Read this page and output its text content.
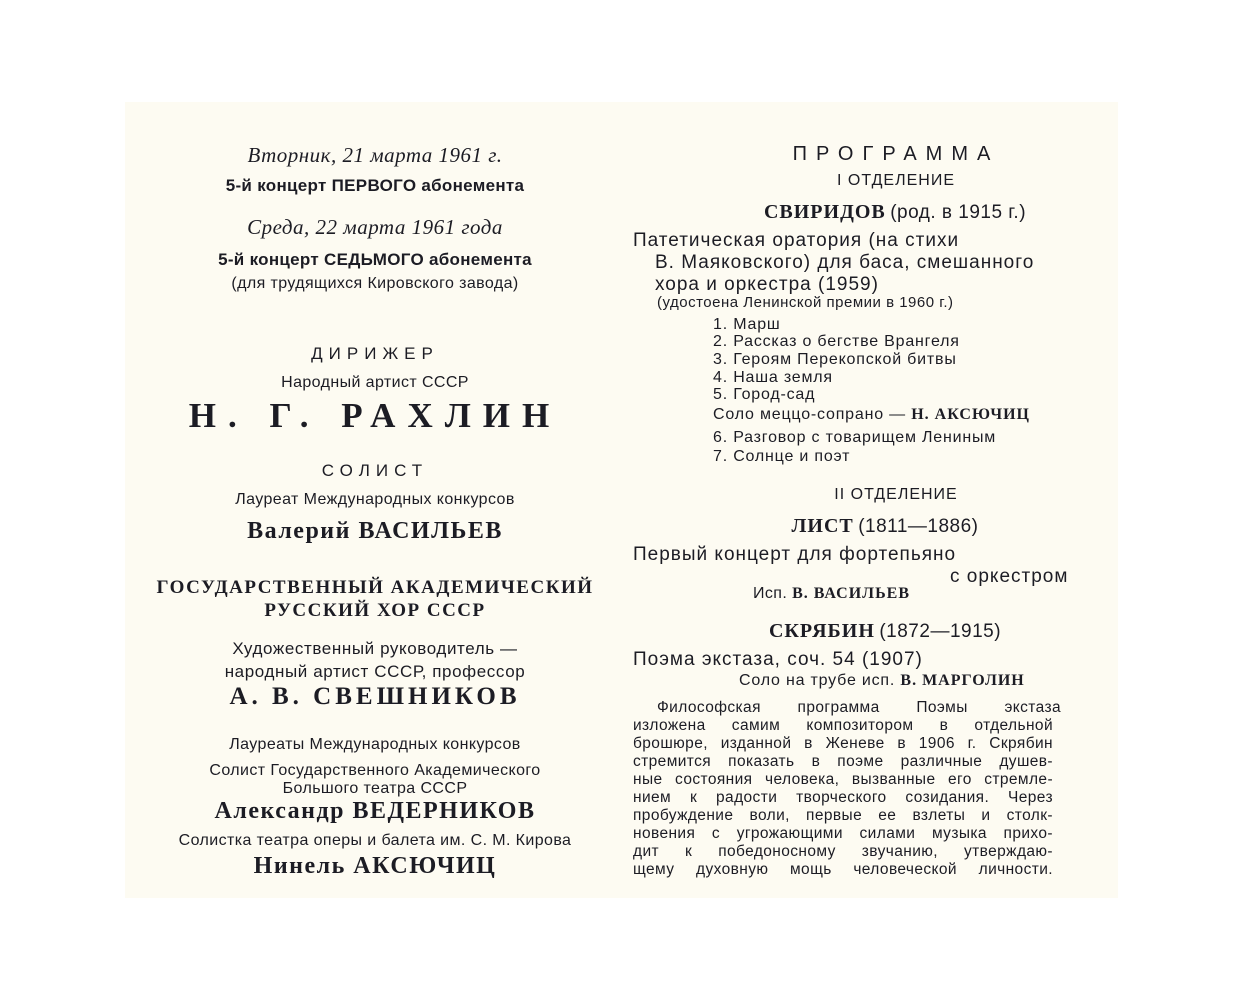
Вторник, 21 марта 1961 г.
5-й концерт ПЕРВОГО абонемента
Среда, 22 марта 1961 года
5-й концерт СЕДЬМОГО абонемента
(для трудящихся Кировского завода)
ДИРИЖЕР
Народный артист СССР
Н. Г. РАХЛИН
СОЛИСТ
Лауреат Международных конкурсов
Валерий ВАСИЛЬЕВ
ГОСУДАРСТВЕННЫЙ АКАДЕМИЧЕСКИЙ
РУССКИЙ ХОР СССР
Художественный руководитель —
народный артист СССР, профессор
А. В. СВЕШНИКОВ
Лауреаты Международных конкурсов
Солист Государственного Академического
Большого театра СССР
Александр ВЕДЕРНИКОВ
Солистка театра оперы и балета им. С. М. Кирова
Нинель АКСЮЧИЦ
ПРОГРАММА
I ОТДЕЛЕНИЕ
СВИРИДОВ (род. в 1915 г.)
Патетическая оратория (на стихи
В. Маяковского) для баса, смешанного
хора и оркестра (1959)
(удостоена Ленинской премии в 1960 г.)
1. Марш
2. Рассказ о бегстве Врангеля
3. Героям Перекопской битвы
4. Наша земля
5. Город-сад
Соло меццо-сопрано — Н. АКСЮЧИЦ
6. Разговор с товарищем Лениным
7. Солнце и поэт
II ОТДЕЛЕНИЕ
ЛИСТ (1811—1886)
Первый концерт для фортепьяно
с оркестром
Исп. В. ВАСИЛЬЕВ
СКРЯБИН (1872—1915)
Поэма экстаза, соч. 54 (1907)
Соло на трубе исп. В. МАРГОЛИН
Философская программа Поэмы экстаза
изложена самим композитором в отдельной
брошюре, изданной в Женеве в 1906 г. Скрябин
стремится показать в поэме различные душев-
ные состояния человека, вызванные его стремле-
нием к радости творческого созидания. Через
пробуждение воли, первые ее взлеты и столк-
новения с угрожающими силами музыка прихо-
дит к победоносному звучанию, утверждаю-
щему духовную мощь человеческой личности.
